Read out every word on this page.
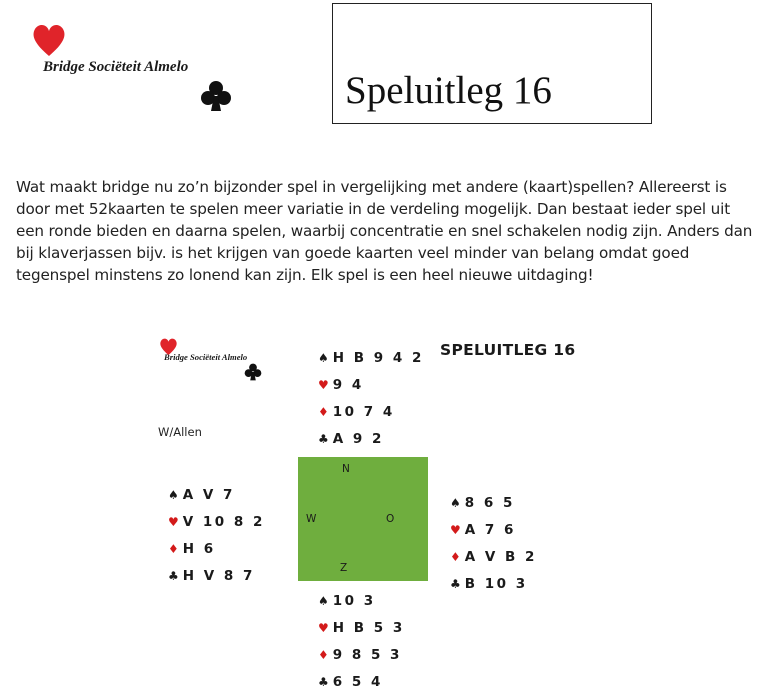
Bridge Sociëteit Almelo
Speluitleg 16

Wat maakt bridge nu zo’n bijzonder spel in vergelijking met andere (kaart)spellen? Allereerst is door met 52kaarten te spelen meer variatie in de verdeling mogelijk. Dan bestaat ieder spel uit een ronde bieden en daarna spelen, waarbij concentratie en snel schakelen nodig zijn. Anders dan bij klaverjassen bijv. is het krijgen van goede kaarten veel minder van belang omdat goed tegenspel minstens zo lonend kan zijn. Elk spel is een heel nieuwe uitdaging!

Bridge Sociëteit Almelo	SPELUITLEG 16
W/Allen
♠ H B 9 4 2
♥ 9 4
♦ 10 7 4
♣ A 9 2
♠ A V 7
♥ V 10 8 2
♦ H 6
♣ H V 8 7
N
W	O
Z
♠ 8 6 5
♥ A 7 6
♦ A V B 2
♣ B 10 3
♠ 10 3
♥ H B 5 3
♦ 9 8 5 3
♣ 6 5 4
